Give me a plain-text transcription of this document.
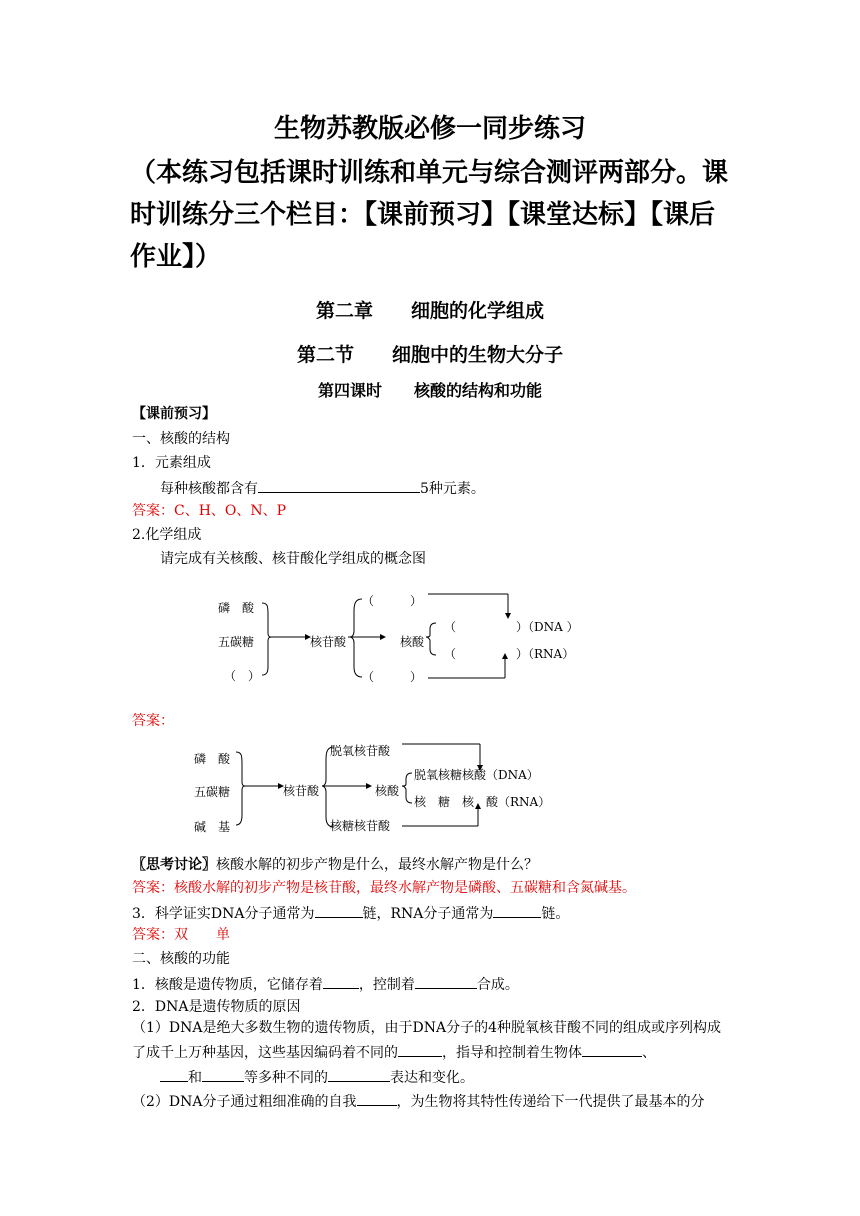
生物苏教版必修一同步练习
（本练习包括课时训练和单元与综合测评两部分。课时训练分三个栏目：【课前预习】【课堂达标】【课后作业】）
第二章　　细胞的化学组成
第二节　　细胞中的生物大分子
第四课时　　核酸的结构和功能
【课前预习】
一、核酸的结构
1．元素组成
每种核酸都含有	5种元素。
答案：C、H、O、N、P
2.化学组成
请完成有关核酸、核苷酸化学组成的概念图
磷　酸
五碳糖
（　）
核苷酸
（　　　）
（　　　）
核酸
（　　　　　）（DNA ）
（　　　　　）（RNA）
答案：
磷　酸
五碳糖
碱　基
核苷酸
脱氧核苷酸
核糖核苷酸
核酸
脱氧核糖核酸（DNA）
核　糖　核　酸（RNA）
〖思考讨论〗核酸水解的初步产物是什么，最终水解产物是什么？
答案：核酸水解的初步产物是核苷酸，最终水解产物是磷酸、五碳糖和含氮碱基。
3．科学证实DNA分子通常为	链，RNA分子通常为	链。
答案：双　　单
二、核酸的功能
1．核酸是遗传物质，它储存着	，控制着	合成。
2．DNA是遗传物质的原因
（1）DNA是绝大多数生物的遗传物质，由于DNA分子的4种脱氧核苷酸不同的组成或序列构成了成千上万种基因，这些基因编码着不同的	，指导和控制着生物体	、
和	等多种不同的	表达和变化。
（2）DNA分子通过粗细准确的自我	，为生物将其特性传递给下一代提供了最基本的分
